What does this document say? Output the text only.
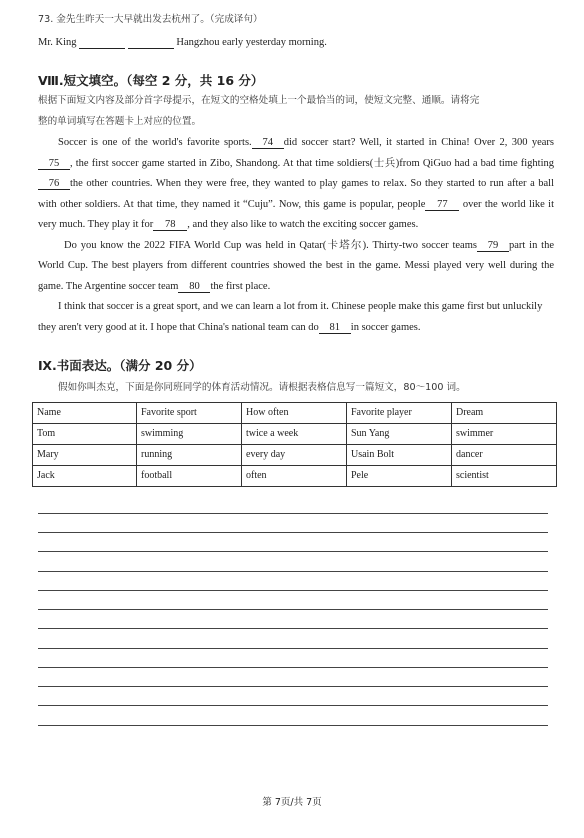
73. 金先生昨天一大早就出发去杭州了。（完成译句）
Mr. King	Hangzhou early yesterday morning.
Ⅷ.短文填空。（每空 2 分，共 16 分）
根据下面短文内容及部分首字母提示，在短文的空格处填上一个最恰当的词，使短文完整、通顺。请将完
整的单词填写在答题卡上对应的位置。

Soccer is one of the world's favorite sports. 74 did soccer start? Well, it started in China! Over 2, 300 years75 , the first soccer game started in Zibo, Shandong. At that time soldiers(士兵)from QiGuo had a bad time fighting76 the other countries. When they were free, they wanted to play games to relax. So they started to run after a ball with other soldiers. At that time, they named it “Cuju”. Now, this game is popular, people 77 over the world like it very much. They play it for 78 , and they also like to watch the exciting soccer games.

Do you know the 2022 FIFA World Cup was held in Qatar(卡塔尔). Thirty-two soccer teams 79 part in the World Cup. The best players from different countries showed the best in the game. Messi played very well during the game. The Argentine soccer team 80 the first place.

I think that soccer is a great sport, and we can learn a lot from it. Chinese people make this game first but unluckily they aren't very good at it. I hope that China's national team can do 81 in soccer games.

Ⅸ.书面表达。（满分 20 分）
假如你叫杰克，下面是你同班同学的体育活动情况。请根据表格信息写一篇短文，80～100 词。
Name	Favorite sport	How often	Favorite player	Dream
Tom	swimming	twice a week	Sun Yang	swimmer
Mary	running	every day	Usain Bolt	dancer
Jack	football	often	Pele	scientist
第 7页/共 7页
